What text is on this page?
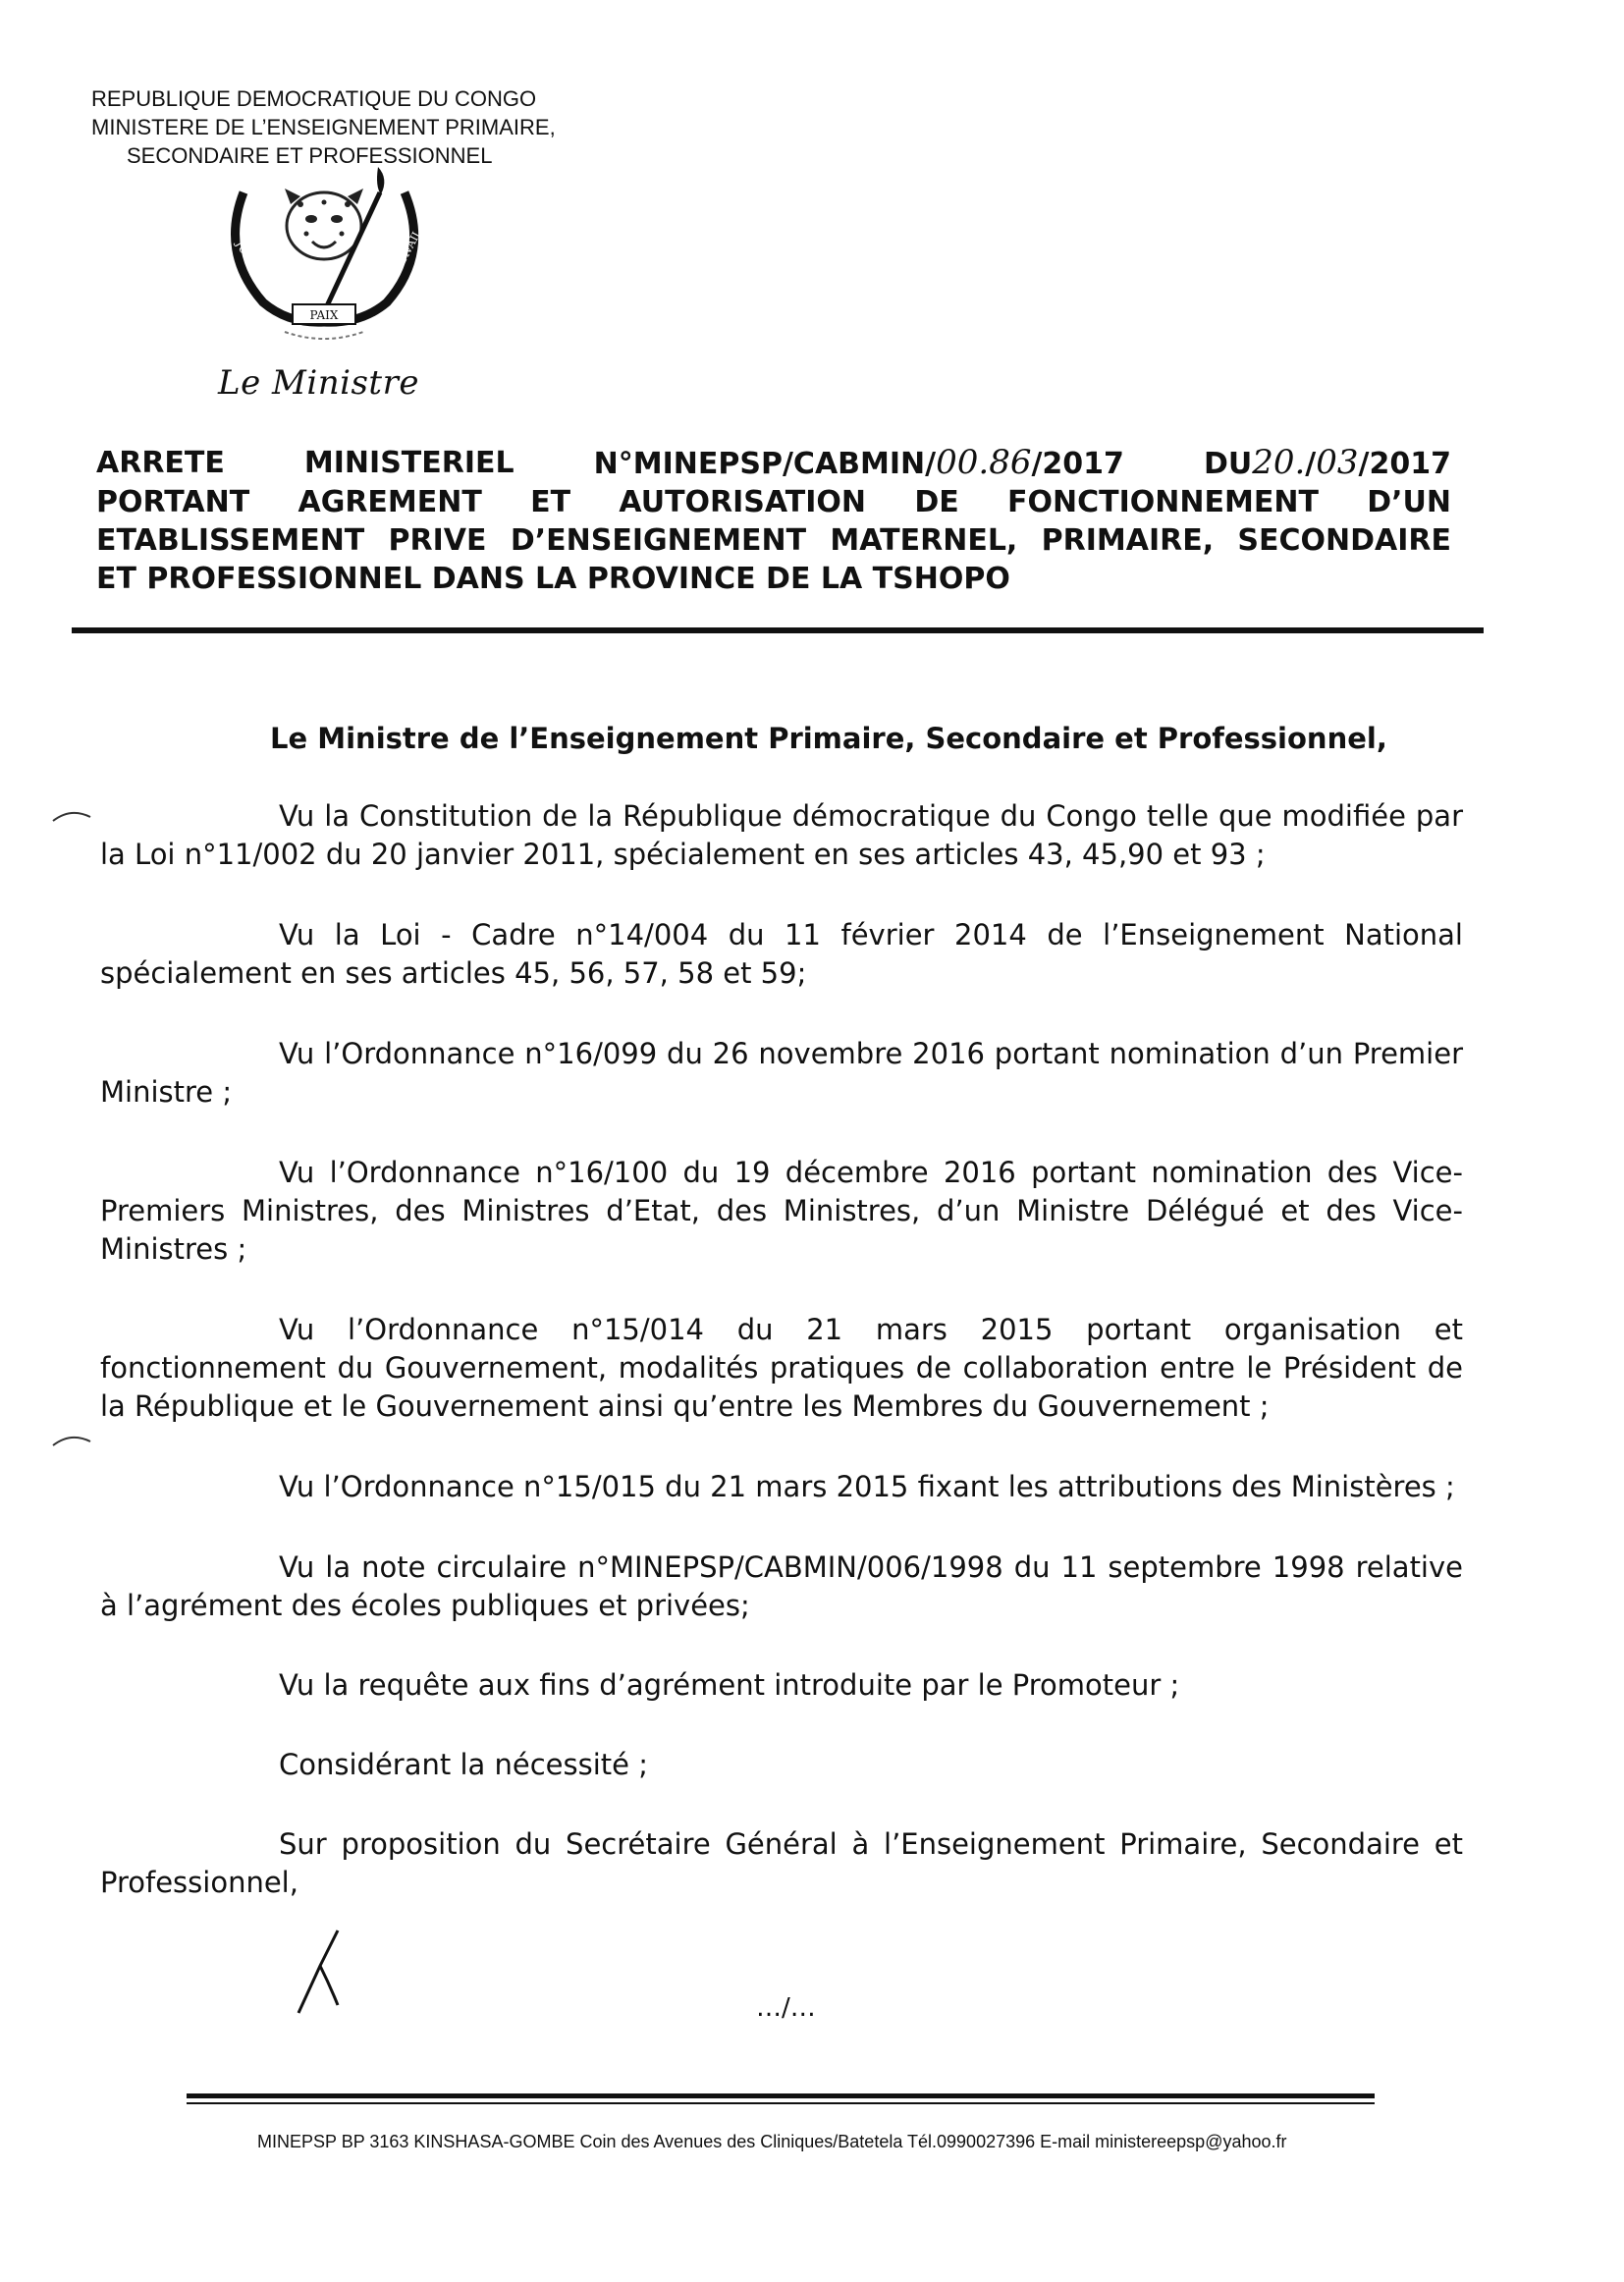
REPUBLIQUE DEMOCRATIQUE DU CONGO
MINISTERE DE L’ENSEIGNEMENT PRIMAIRE,
SECONDAIRE ET PROFESSIONNEL
PAIX
JUSTICE	TRAVAIL
Le Ministre
ARRETE	MINISTERIEL	N°MINEPSP/CABMIN/00.86/2017	DU20./03/2017
PORTANT AGREMENT ET AUTORISATION DE FONCTIONNEMENT D’UN
ETABLISSEMENT PRIVE D’ENSEIGNEMENT MATERNEL, PRIMAIRE, SECONDAIRE
ET PROFESSIONNEL DANS LA PROVINCE DE LA TSHOPO
Le Ministre de l’Enseignement Primaire, Secondaire et Professionnel,

Vu la Constitution de la République démocratique du Congo telle que modifiée par la Loi n°11/002 du 20 janvier 2011, spécialement en ses articles 43, 45,90 et 93 ;

Vu la Loi - Cadre n°14/004 du 11 février 2014 de l’Enseignement National spécialement en ses articles 45, 56, 57, 58 et 59;

Vu l’Ordonnance n°16/099 du 26 novembre 2016 portant nomination d’un Premier Ministre ;

Vu l’Ordonnance n°16/100 du 19 décembre 2016 portant nomination des Vice-Premiers Ministres, des Ministres d’Etat, des Ministres, d’un Ministre Délégué et des Vice-Ministres ;

Vu l’Ordonnance n°15/014 du 21 mars 2015 portant organisation et fonctionnement du Gouvernement, modalités pratiques de collaboration entre le Président de la République et le Gouvernement ainsi qu’entre les Membres du Gouvernement ;

Vu l’Ordonnance n°15/015 du 21 mars 2015 fixant les attributions des Ministères ;

Vu la note circulaire n°MINEPSP/CABMIN/006/1998 du 11 septembre 1998 relative à l’agrément des écoles publiques et privées;

Vu la requête aux fins d’agrément introduite par le Promoteur ;

Considérant la nécessité ;

Sur proposition du Secrétaire Général à l’Enseignement Primaire, Secondaire et Professionnel,

…/…
MINEPSP BP 3163 KINSHASA-GOMBE Coin des Avenues des Cliniques/Batetela Tél.0990027396 E-mail ministereepsp@yahoo.fr
